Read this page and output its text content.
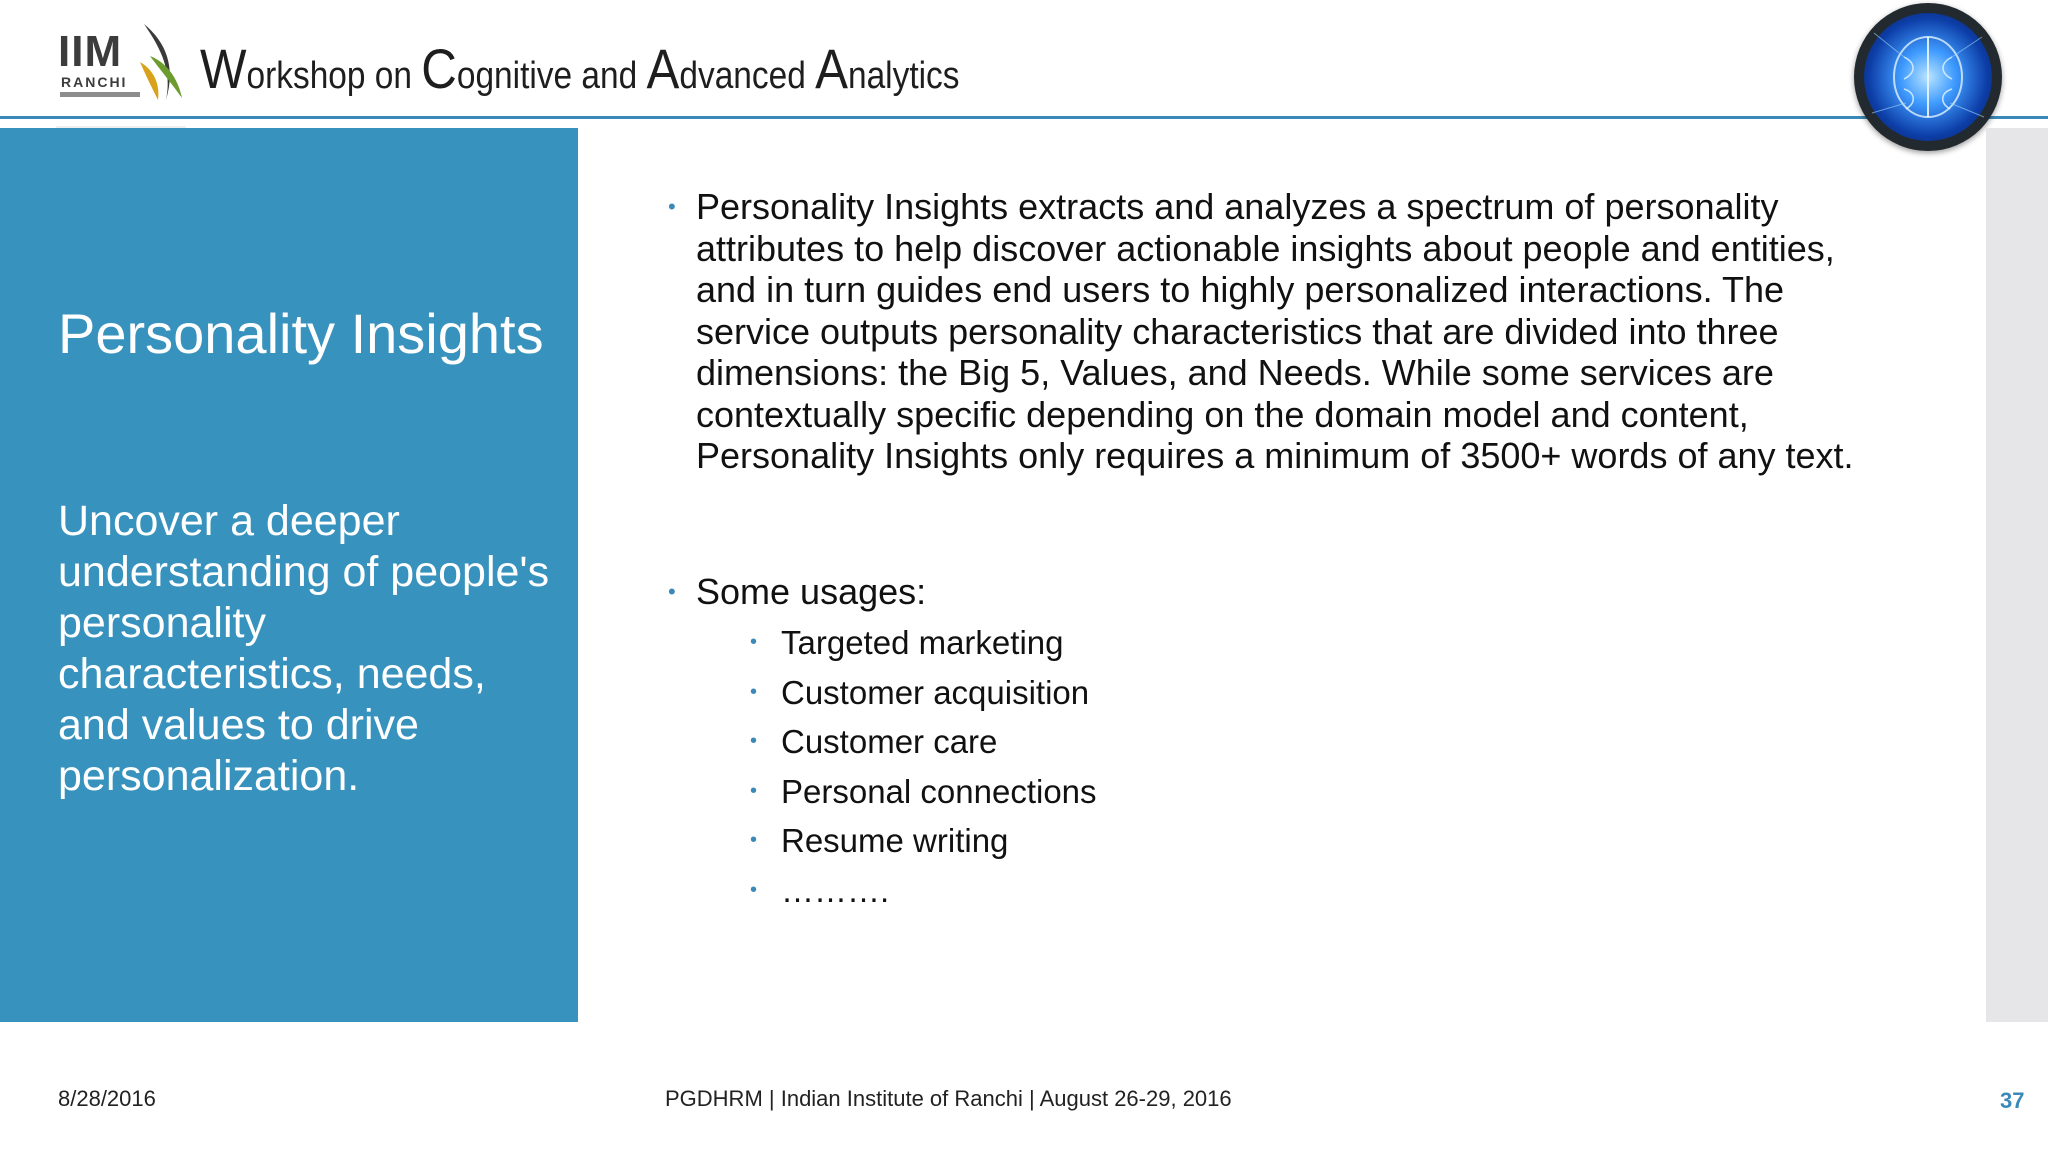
IIM
RANCHI Workshop on Cognitive and Advanced Analytics
Personality Insights
Uncover a deeper understanding of people's personality characteristics, needs, and values to drive personalization.
• Personality Insights extracts and analyzes a spectrum of personality attributes to help discover actionable insights about people and entities, and in turn guides end users to highly personalized interactions. The service outputs personality characteristics that are divided into three dimensions: the Big 5, Values, and Needs. While some services are contextually specific depending on the domain model and content, Personality Insights only requires a minimum of 3500+ words of any text.
• Some usages:
• Targeted marketing
• Customer acquisition
• Customer care
• Personal connections
• Resume writing
• ……….
8/28/2016	PGDHRM | Indian Institute of Ranchi | August 26-29, 2016	37
